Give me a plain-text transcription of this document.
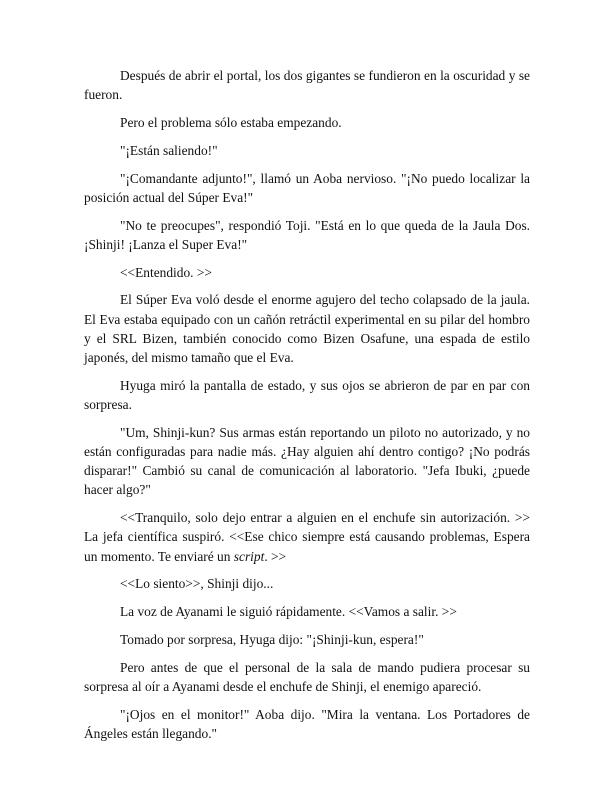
Después de abrir el portal, los dos gigantes se fundieron en la oscuridad y se fueron.

Pero el problema sólo estaba empezando.

"¡Están saliendo!"

"¡Comandante adjunto!", llamó un Aoba nervioso. "¡No puedo localizar la posición actual del Súper Eva!"

"No te preocupes", respondió Toji. "Está en lo que queda de la Jaula Dos. ¡Shinji! ¡Lanza el Super Eva!"

<<Entendido. >>

El Súper Eva voló desde el enorme agujero del techo colapsado de la jaula. El Eva estaba equipado con un cañón retráctil experimental en su pilar del hombro y el SRL Bizen, también conocido como Bizen Osafune, una espada de estilo japonés, del mismo tamaño que el Eva.

Hyuga miró la pantalla de estado, y sus ojos se abrieron de par en par con sorpresa.

"Um, Shinji-kun? Sus armas están reportando un piloto no autorizado, y no están configuradas para nadie más. ¿Hay alguien ahí dentro contigo? ¡No podrás disparar!" Cambió su canal de comunicación al laboratorio. "Jefa Ibuki, ¿puede hacer algo?"

<<Tranquilo, solo dejo entrar a alguien en el enchufe sin autorización. >> La jefa científica suspiró. <<Ese chico siempre está causando problemas, Espera un momento. Te enviaré un script. >>

<<Lo siento>>, Shinji dijo...

La voz de Ayanami le siguió rápidamente. <<Vamos a salir. >>

Tomado por sorpresa, Hyuga dijo: "¡Shinji-kun, espera!"

Pero antes de que el personal de la sala de mando pudiera procesar su sorpresa al oír a Ayanami desde el enchufe de Shinji, el enemigo apareció.

"¡Ojos en el monitor!" Aoba dijo. "Mira la ventana. Los Portadores de Ángeles están llegando."
